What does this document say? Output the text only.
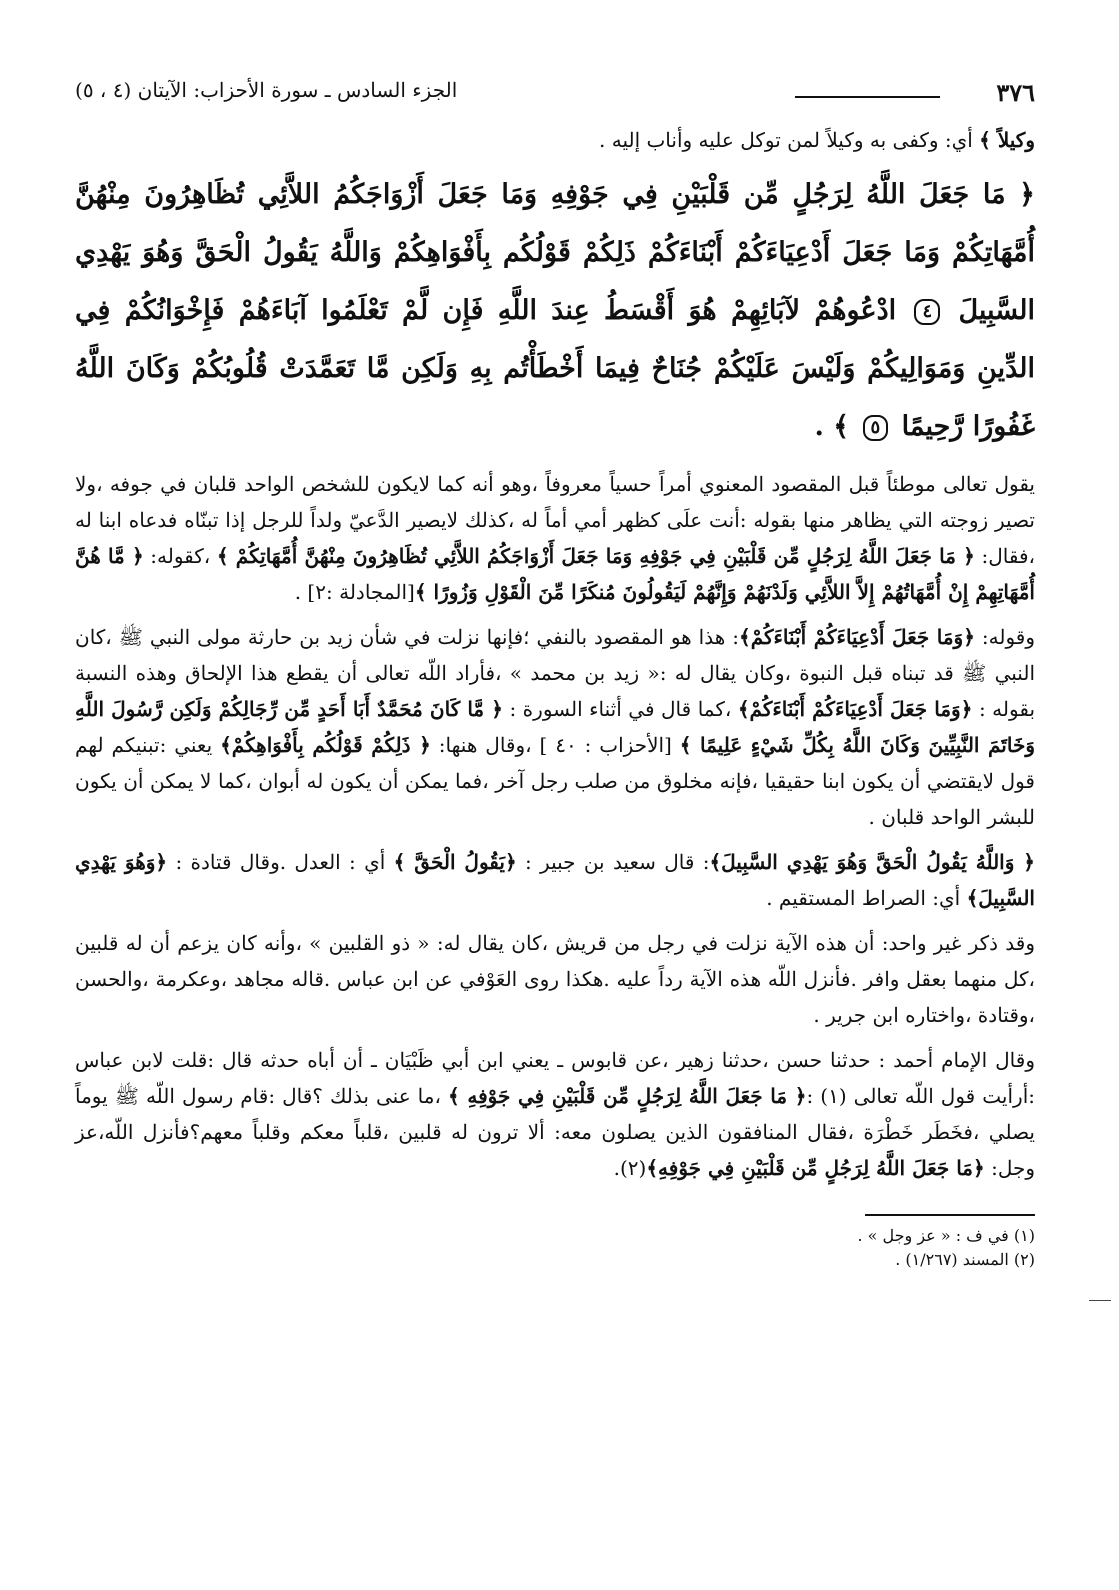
٣٧٦
الجزء السادس ـ سورة الأحزاب: الآيتان (٤ ، ٥)
وكيلاً ﴾ أي: وكفى به وكيلاً لمن توكل عليه وأناب إليه .
﴿ مَا جَعَلَ اللَّهُ لِرَجُلٍ مِّن قَلْبَيْنِ فِي جَوْفِهِ وَمَا جَعَلَ أَزْوَاجَكُمُ اللاَّئِي تُظَاهِرُونَ مِنْهُنَّ أُمَّهَاتِكُمْ وَمَا جَعَلَ أَدْعِيَاءَكُمْ أَبْنَاءَكُمْ ذَلِكُمْ قَوْلُكُم بِأَفْوَاهِكُمْ وَاللَّهُ يَقُولُ الْحَقَّ وَهُوَ يَهْدِي السَّبِيلَ ٤ ادْعُوهُمْ لآبَائِهِمْ هُوَ أَقْسَطُ عِندَ اللَّهِ فَإِن لَّمْ تَعْلَمُوا آبَاءَهُمْ فَإِخْوَانُكُمْ فِي الدِّينِ وَمَوَالِيكُمْ وَلَيْسَ عَلَيْكُمْ جُنَاحٌ فِيمَا أَخْطَأْتُم بِهِ وَلَكِن مَّا تَعَمَّدَتْ قُلُوبُكُمْ وَكَانَ اللَّهُ غَفُورًا رَّحِيمًا ٥ ﴾ .

يقول تعالى موطئاً قبل المقصود المعنوي أمراً حسياً معروفاً ،وهو أنه كما لايكون للشخص الواحد قلبان في جوفه ،ولا تصير زوجته التي يظاهر منها بقوله :أنت علَى كظهر أمي أماً له ،كذلك لايصير الدَّعيّ ولداً للرجل إذا تبنّاه فدعاه ابنا له ،فقال: ﴿ مَا جَعَلَ اللَّهُ لِرَجُلٍ مِّن قَلْبَيْنِ فِي جَوْفِهِ وَمَا جَعَلَ أَزْوَاجَكُمُ اللاَّئِي تُظَاهِرُونَ مِنْهُنَّ أُمَّهَاتِكُمْ ﴾ ،كقوله: ﴿ مَّا هُنَّ أُمَّهَاتِهِمْ إِنْ أُمَّهَاتُهُمْ إِلاَّ اللاَّئِي وَلَدْنَهُمْ وَإِنَّهُمْ لَيَقُولُونَ مُنكَرًا مِّنَ الْقَوْلِ وَزُورًا ﴾[المجادلة :٢] .

وقوله: ﴿وَمَا جَعَلَ أَدْعِيَاءَكُمْ أَبْنَاءَكُمْ﴾: هذا هو المقصود بالنفي ؛فإنها نزلت في شأن زيد بن حارثة مولى النبي ﷺ ،كان النبي ﷺ قد تبناه قبل النبوة ،وكان يقال له :« زيد بن محمد » ،فأراد اللّه تعالى أن يقطع هذا الإلحاق وهذه النسبة بقوله : ﴿وَمَا جَعَلَ أَدْعِيَاءَكُمْ أَبْنَاءَكُمْ﴾ ،كما قال في أثناء السورة : ﴿ مَّا كَانَ مُحَمَّدٌ أَبَا أَحَدٍ مِّن رِّجَالِكُمْ وَلَكِن رَّسُولَ اللَّهِ وَخَاتَمَ النَّبِيِّينَ وَكَانَ اللَّهُ بِكُلِّ شَيْءٍ عَلِيمًا ﴾ [الأحزاب : ٤٠ ] ،وقال هنها: ﴿ ذَلِكُمْ قَوْلُكُم بِأَفْوَاهِكُمْ﴾ يعني :تبنيكم لهم قول لايقتضي أن يكون ابنا حقيقيا ،فإنه مخلوق من صلب رجل آخر ،فما يمكن أن يكون له أبوان ،كما لا يمكن أن يكون للبشر الواحد قلبان .

﴿ وَاللَّهُ يَقُولُ الْحَقَّ وَهُوَ يَهْدِي السَّبِيلَ﴾: قال سعيد بن جبير : ﴿يَقُولُ الْحَقَّ ﴾ أي : العدل .وقال قتادة : ﴿وَهُوَ يَهْدِي السَّبِيلَ﴾ أي: الصراط المستقيم .

وقد ذكر غير واحد: أن هذه الآية نزلت في رجل من قريش ،كان يقال له: « ذو القلبين » ،وأنه كان يزعم أن له قلبين ،كل منهما بعقل وافر .فأنزل اللّه هذه الآية رداً عليه .هكذا روى العَوْفي عن ابن عباس .قاله مجاهد ،وعكرمة ،والحسن ،وقتادة ،واختاره ابن جرير .

وقال الإمام أحمد : حدثنا حسن ،حدثنا زهير ،عن قابوس ـ يعني ابن أبي ظَبْيَان ـ أن أباه حدثه قال :قلت لابن عباس :أرأيت قول اللّه تعالى (١) :﴿ مَا جَعَلَ اللَّهُ لِرَجُلٍ مِّن قَلْبَيْنِ فِي جَوْفِهِ ﴾ ،ما عنى بذلك ؟قال :قام رسول اللّه ﷺ يوماً يصلي ،فخَطَر خَطْرَة ،فقال المنافقون الذين يصلون معه: ألا ترون له قلبين ،قلباً معكم وقلباً معهم؟فأنزل اللّه،عز وجل: ﴿مَا جَعَلَ اللَّهُ لِرَجُلٍ مِّن قَلْبَيْنِ فِي جَوْفِهِ﴾(٢).

(١) في ف : « عز وجل » .
(٢) المسند (١/٢٦٧) .
